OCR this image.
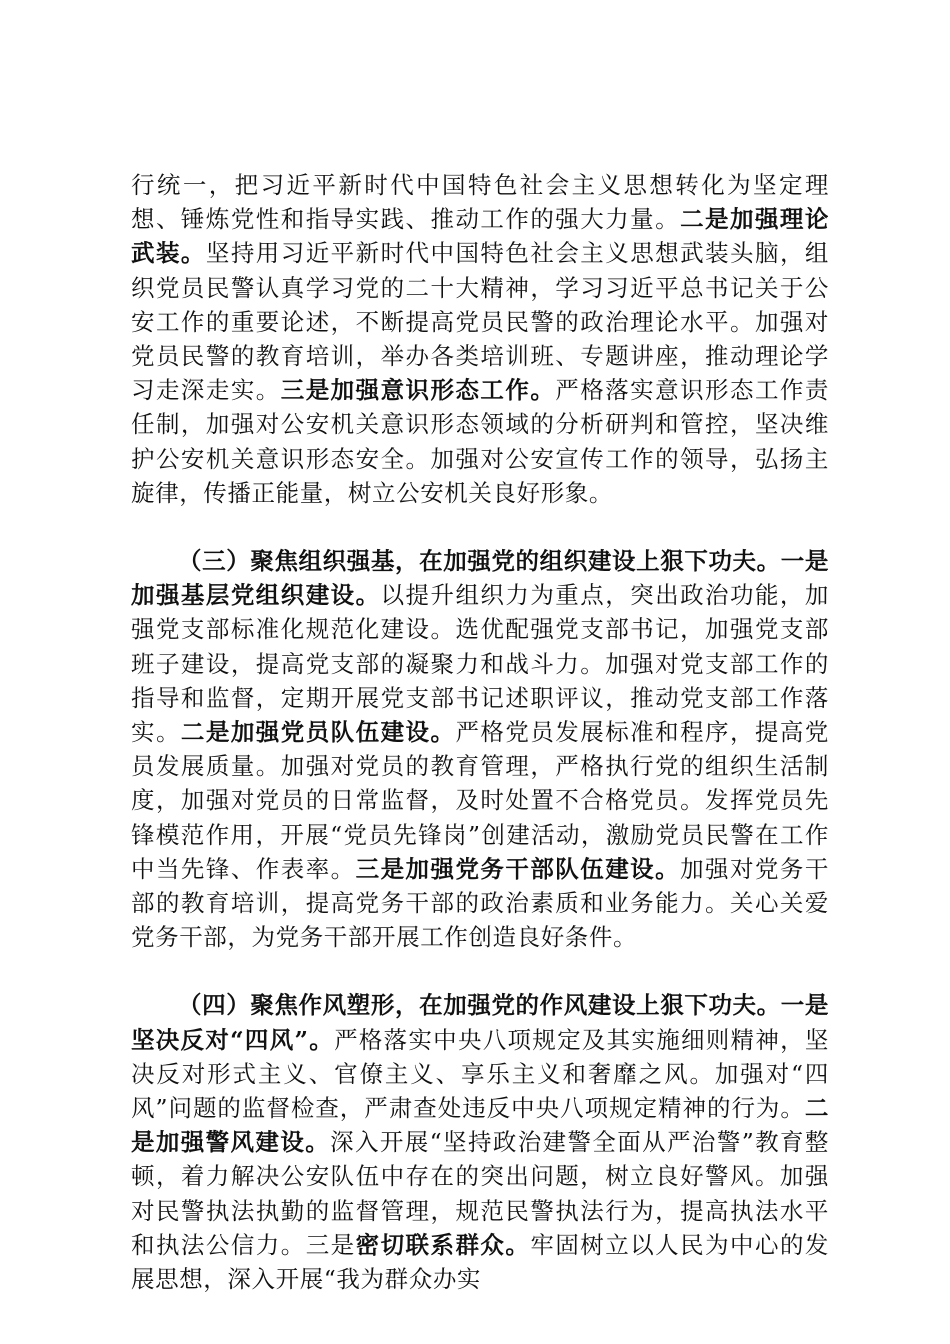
行统一，把习近平新时代中国特色社会主义思想转化为坚定理想、锤炼党性和指导实践、推动工作的强大力量。二是加强理论武装。坚持用习近平新时代中国特色社会主义思想武装头脑，组织党员民警认真学习党的二十大精神，学习习近平总书记关于公安工作的重要论述，不断提高党员民警的政治理论水平。加强对党员民警的教育培训，举办各类培训班、专题讲座，推动理论学习走深走实。三是加强意识形态工作。严格落实意识形态工作责任制，加强对公安机关意识形态领域的分析研判和管控，坚决维护公安机关意识形态安全。加强对公安宣传工作的领导，弘扬主旋律，传播正能量，树立公安机关良好形象。

（三）聚焦组织强基，在加强党的组织建设上狠下功夫。一是加强基层党组织建设。以提升组织力为重点，突出政治功能，加强党支部标准化规范化建设。选优配强党支部书记，加强党支部班子建设，提高党支部的凝聚力和战斗力。加强对党支部工作的指导和监督，定期开展党支部书记述职评议，推动党支部工作落实。二是加强党员队伍建设。严格党员发展标准和程序，提高党员发展质量。加强对党员的教育管理，严格执行党的组织生活制度，加强对党员的日常监督，及时处置不合格党员。发挥党员先锋模范作用，开展“党员先锋岗”创建活动，激励党员民警在工作中当先锋、作表率。三是加强党务干部队伍建设。加强对党务干部的教育培训，提高党务干部的政治素质和业务能力。关心关爱党务干部，为党务干部开展工作创造良好条件。

（四）聚焦作风塑形，在加强党的作风建设上狠下功夫。一是坚决反对“四风”。严格落实中央八项规定及其实施细则精神，坚决反对形式主义、官僚主义、享乐主义和奢靡之风。加强对“四风”问题的监督检查，严肃查处违反中央八项规定精神的行为。二是加强警风建设。深入开展“坚持政治建警全面从严治警”教育整顿，着力解决公安队伍中存在的突出问题，树立良好警风。加强对民警执法执勤的监督管理，规范民警执法行为，提高执法水平和执法公信力。三是密切联系群众。牢固树立以人民为中心的发展思想，深入开展“我为群众办实
